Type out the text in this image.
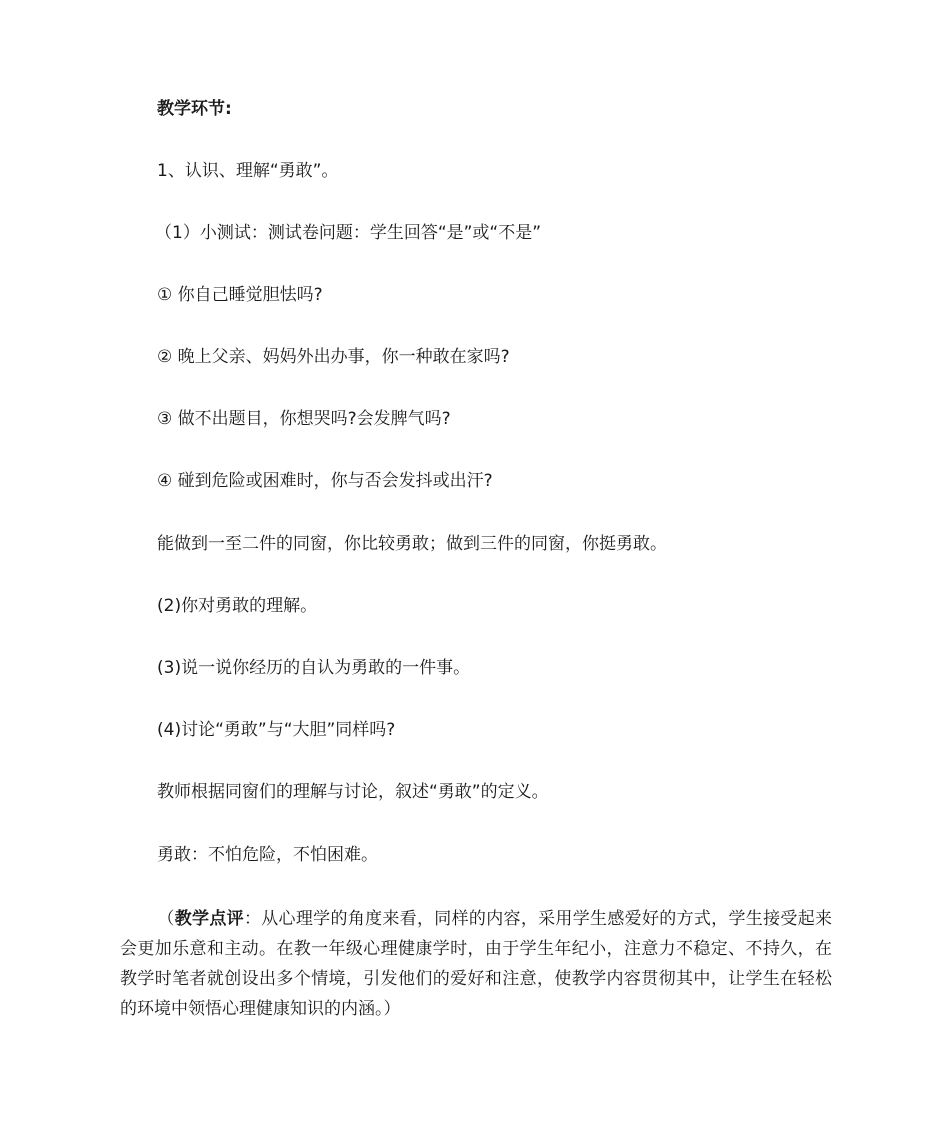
教学环节:
1、认识、理解“勇敢”。
（1）小测试：测试卷问题：学生回答“是”或“不是”
① 你自己睡觉胆怯吗?
② 晚上父亲、妈妈外出办事，你一种敢在家吗?
③ 做不出题目，你想哭吗?会发脾气吗?
④ 碰到危险或困难时，你与否会发抖或出汗?
能做到一至二件的同窗，你比较勇敢；做到三件的同窗，你挺勇敢。
(2)你对勇敢的理解。
(3)说一说你经历的自认为勇敢的一件事。
(4)讨论“勇敢”与“大胆”同样吗?
教师根据同窗们的理解与讨论，叙述“勇敢”的定义。
勇敢：不怕危险，不怕困难。

（教学点评：从心理学的角度来看，同样的内容，采用学生感爱好的方式，学生接受起来会更加乐意和主动。在教一年级心理健康学时，由于学生年纪小，注意力不稳定、不持久，在教学时笔者就创设出多个情境，引发他们的爱好和注意，使教学内容贯彻其中，让学生在轻松的环境中领悟心理健康知识的内涵。）
